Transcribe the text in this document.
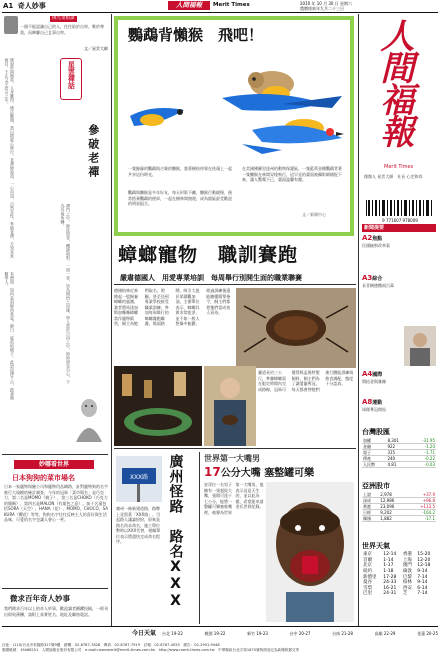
A1 奇人妙事	人間福報	Merit Times	2010 年 10 月 30 日 星期六
農曆庚寅年九月二十三日
佛光菜根譚
一個不能認識自己的人，往往陷於自卑，唯於尊重，而陣腳自己且事自卑。
文／星雲大師
星雲禪話
參破老禪
佛說世間無常，人身難得，佛法難聞，當以精進心修行。老禪師說道，一心向道，自然見性。參破老禪，方知本來面目，不在文字語言之中。
禪門之中，師徒問答，機鋒相對。一問一答，皆為開悟之因緣。學人當於日用之中，時時照見自心，不為外境所轉。
有僧問：如何是祖師西來意？師曰：庭前柏樹子。此語流傳千古，啟發無數學人。
妙哪看世界
日本狗狗的菜市場名
日本一家寵物保險公司和寵物用品網路，針對寵物狗的名字進行大規模的統計調查，今年的冠軍「菜市場名」是巧克力，第二名是MOMO（桃子），第三名是CHOKO（巧克力的簡稱），第四名是MALON（有栗色之意）。前十名還包括SORA（天空）、HANA（花）、MOMO、CHOCO、SAKURA（櫻花）等等，狗狗名字往往反映主人的喜好與生活品味，可愛的名字也讓人會心一笑。
微求百年奇人妙事
我們徵求百年以上的奇人妙事，歡迎讀者踴躍投稿，一經刊出即致薄酬，請附上真實姓名、地址及聯絡電話。
鸚鵡背懶猴　飛吧！
一隻鯨綠的鸚鵡與吉婆的懶猴，趁著樹枝停靠在枝頭上一起共享這份時光。
在美國佛羅里達州的動物保護區，一隻藍黃金剛鸚鵡背著一隻懶猴在林間穿梭飛行，這罕見的畫面被攝影師捕捉下來，讓人驚嘆不已，畫面溫馨有趣。
鸚鵡與懶猴是多年好友，每天形影不離，懶猴行動緩慢，便常搭乘鸚鵡的便車，一起在樹林間遨遊，成為園區最受歡迎的明星組合。
文／新聞中心
蟑螂寵物　職訓賽跑
嚴肅德國人　用愛專業培訓　每周舉行別開生面的職業聯賽
德國柏林近來掀起一股飼養蟑螂的風潮，業者將馬達加斯加嘶嘶蟑螂當作寵物販售，飼主為牠們取名、照顧，甚至送到專業學校接受職業訓練，參加每周舉行的蟑螂賽跑聯賽，場面熱鬧，吸引大批民眾圍觀加油。主辦單位表示，蟑螂其實非常乾淨，並不如一般人想像中骯髒，經過訓練後還能聽懂簡單指令，飼主們都把牠們當成家人看待。
賽道長約三公尺，參賽蟑螂需在限定時間內完成路線，冠軍可獲得獎盃與特製飼料，飼主們為了讓愛寵奪冠，每天都會替牠們進行體能訓練與飲食調配，態度十分認真。
廣州怪路　路名XXX
XXX路
廣州一條新建道路，路牌上竟寫著「XXX路」，引起路人議論紛紛，原來是路名尚未命名，施工單位暫時以XXX代替，相關單位表示將盡快完成命名程序。
世界第一大嘴男
17公分大嘴 塞整罐可樂
安哥拉一名男子擁有一張超級大嘴，張開可達十七公分，能將一整罐可樂塞進嘴裡，被譽為世界第一大嘴男，他表示這是天生的，並以此為傲，希望能申請金氏世界紀錄。
人間福報
Merit Times
創辦人 星雲大師　社長 心定和尚
9 771607 978009
新聞提要
A2焦點
民國檢察改革案
A3綜合
長青樹德撒兩百萬
A4國際
開拓金與雅陳
A8運動
球隊奪冠開始
台灣股匯
加權	8,301	-31.95
金融	922	-1.20
電子	315	-1.71
傳產	240	-0.22
人民幣	4.81	-0.03
亞洲股市
上證	2,978	+37.9
深成	12,986	+96.8
香港	23,096	+113.5
日經	9,202	-164.2
韓國	1,882	-17.1
世界天氣
東京	12-14	香港	15-20
首爾	1-14	上海	12-20
北京	1-17	澳門	12-18
紐約	1-18	倫敦	9-14
新德里	17-28	巴黎	7-14
曼谷	24-33	柏林	9-14
雪梨	16-21	西安	6-14
巴里	24-31	芝	7-14
今日天氣 台北 19-22	桃園 19-22	新竹 19-23	台中 20-27	台南 21-28	高雄 22-29	花蓮 20-25
社址：(110)台北市松隆路327號9樓　總機：02-8787-7828　傳真：02-8787-7919　訂報：02-8787-4055　廣告：02-2991-9448
郵撥帳號：19466251　人間福報社股份有限公司　e-mail:newsmerit@merit-times.com.tw　http://www.merit-times.com.tw　中華郵政台北字第1675號執照登記為新聞紙類交寄
